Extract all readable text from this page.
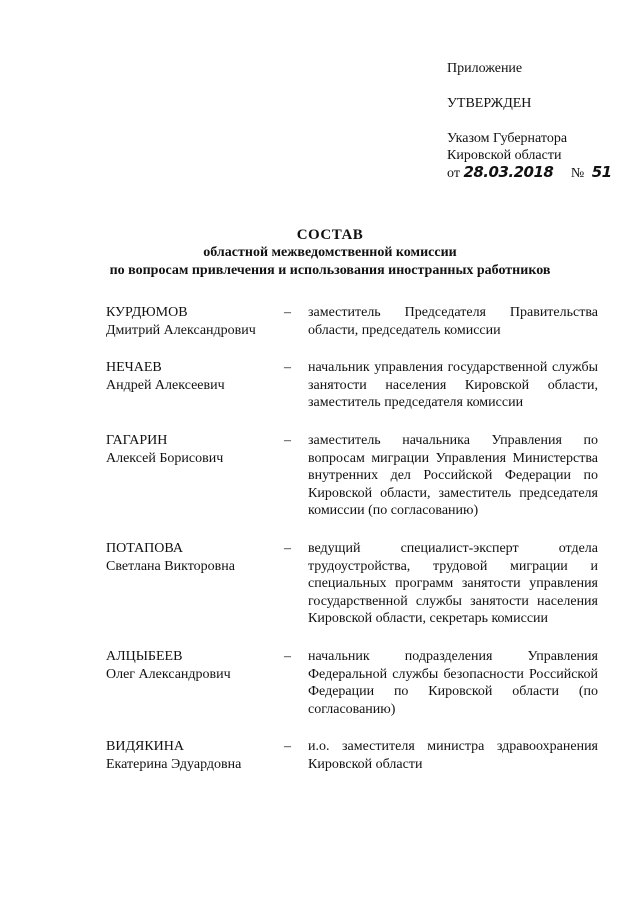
Приложение
УТВЕРЖДЕН
Указом Губернатора
Кировской области
от 28.03.2018 № 51
СОСТАВ
областной межведомственной комиссии
по вопросам привлечения и использования иностранных работников
КУРДЮМОВ
Дмитрий Александрович
–	заместитель Председателя Правительства области, председатель комиссии
НЕЧАЕВ
Андрей Алексеевич
–	начальник управления государственной службы занятости населения Кировской области, заместитель председателя комиссии
ГАГАРИН
Алексей Борисович
–	заместитель начальника Управления по вопросам миграции Управления Министерства внутренних дел Российской Федерации по Кировской области, заместитель председателя комиссии (по согласованию)
ПОТАПОВА
Светлана Викторовна
–	ведущий специалист-эксперт отдела трудоустройства, трудовой миграции и специальных программ занятости управления государственной службы занятости населения Кировской области, секретарь комиссии
АЛЦЫБЕЕВ
Олег Александрович
–	начальник подразделения Управления Федеральной службы безопасности Российской Федерации по Кировской области (по согласованию)
ВИДЯКИНА
Екатерина Эдуардовна
–	и.о. заместителя министра здравоохранения Кировской области
